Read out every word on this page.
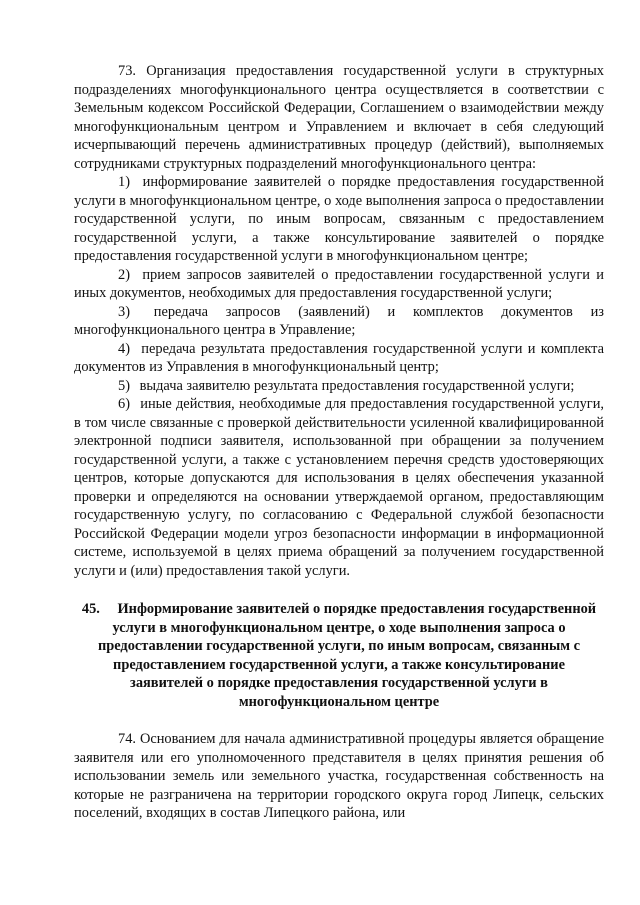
73. Организация предоставления государственной услуги в структурных подразделениях многофункционального центра осуществляется в соответствии с Земельным кодексом Российской Федерации, Соглашением о взаимодействии между многофункциональным центром и Управлением и включает в себя следующий исчерпывающий перечень административных процедур (действий), выполняемых сотрудниками структурных подразделений многофункционального центра:

1) информирование заявителей о порядке предоставления государственной услуги в многофункциональном центре, о ходе выполнения запроса о предоставлении государственной услуги, по иным вопросам, связанным с предоставлением государственной услуги, а также консультирование заявителей о порядке предоставления государственной услуги в многофункциональном центре;

2) прием запросов заявителей о предоставлении государственной услуги и иных документов, необходимых для предоставления государственной услуги;

3) передача запросов (заявлений) и комплектов документов из многофункционального центра в Управление;

4) передача результата предоставления государственной услуги и комплекта документов из Управления в многофункциональный центр;

5) выдача заявителю результата предоставления государственной услуги;

6) иные действия, необходимые для предоставления государственной услуги, в том числе связанные с проверкой действительности усиленной квалифицированной электронной подписи заявителя, использованной при обращении за получением государственной услуги, а также с установлением перечня средств удостоверяющих центров, которые допускаются для использования в целях обеспечения указанной проверки и определяются на основании утверждаемой органом, предоставляющим государственную услугу, по согласованию с Федеральной службой безопасности Российской Федерации модели угроз безопасности информации в информационной системе, используемой в целях приема обращений за получением государственной услуги и (или) предоставления такой услуги.

45. Информирование заявителей о порядке предоставления государственной услуги в многофункциональном центре, о ходе выполнения запроса о предоставлении государственной услуги, по иным вопросам, связанным с предоставлением государственной услуги, а также консультирование заявителей о порядке предоставления государственной услуги в многофункциональном центре

74. Основанием для начала административной процедуры является обращение заявителя или его уполномоченного представителя в целях принятия решения об использовании земель или земельного участка, государственная собственность на которые не разграничена на территории городского округа город Липецк, сельских поселений, входящих в состав Липецкого района, или
